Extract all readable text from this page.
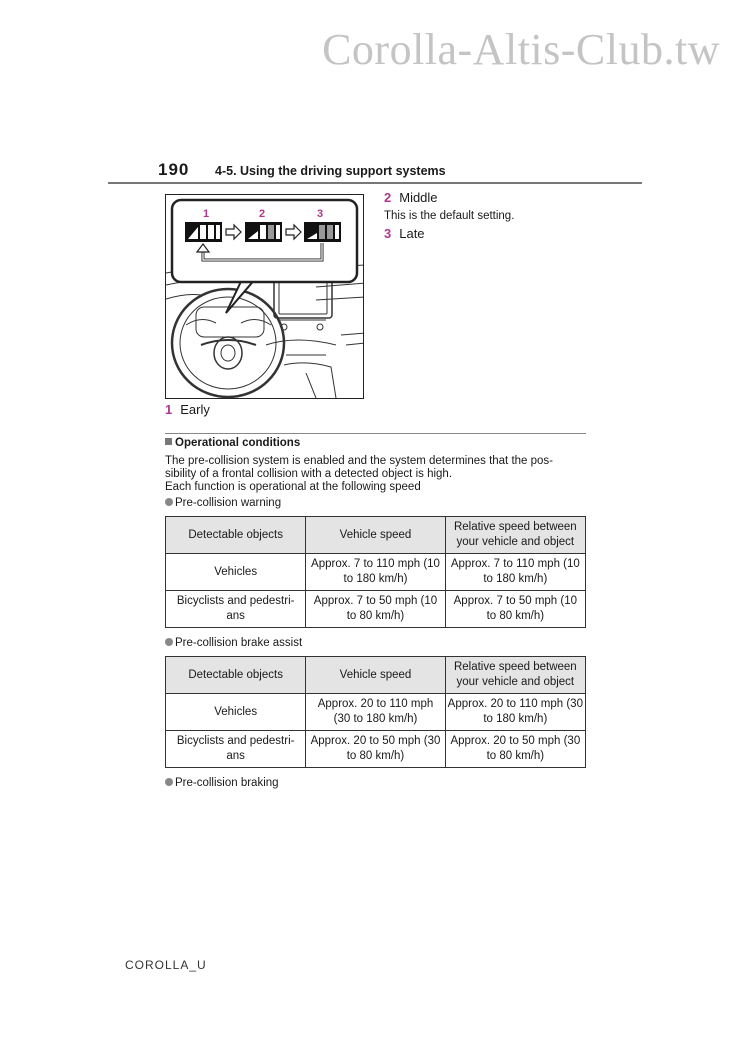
Corolla-Altis-Club.tw
190 4-5. Using the driving support systems
1	2	3
1 Early
2 Middle
This is the default setting.
3 Late
Operational conditions
The pre-collision system is enabled and the system determines that the pos-
sibility of a frontal collision with a detected object is high.
Each function is operational at the following speed
Pre-collision warning
Detectable objects	Vehicle speed	Relative speed between your vehicle and object
Vehicles	Approx. 7 to 110 mph (10 to 180 km/h)	Approx. 7 to 110 mph (10 to 180 km/h)
Bicyclists and pedestri-ans	Approx. 7 to 50 mph (10 to 80 km/h)	Approx. 7 to 50 mph (10 to 80 km/h)
Pre-collision brake assist
Detectable objects	Vehicle speed	Relative speed between your vehicle and object
Vehicles	Approx. 20 to 110 mph (30 to 180 km/h)	Approx. 20 to 110 mph (30 to 180 km/h)
Bicyclists and pedestri-ans	Approx. 20 to 50 mph (30 to 80 km/h)	Approx. 20 to 50 mph (30 to 80 km/h)
Pre-collision braking
COROLLA_U
